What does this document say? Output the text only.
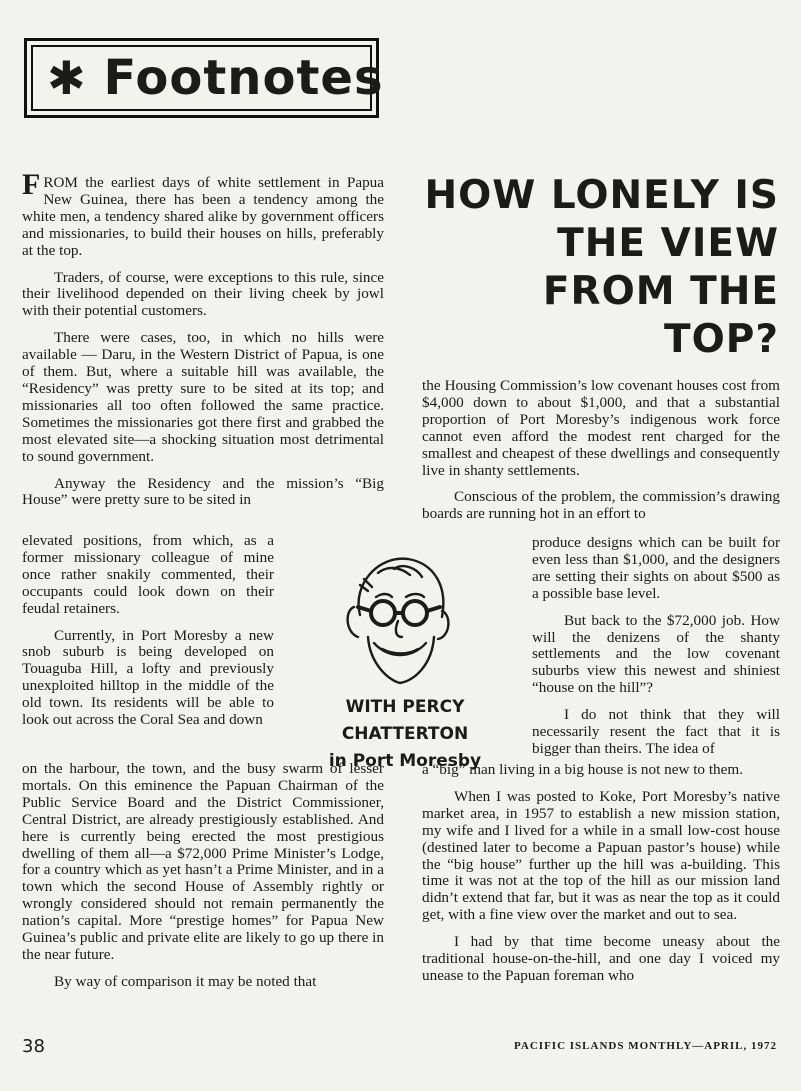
✱ Footnotes
HOW LONELY IS
THE VIEW
FROM THE TOP?

FROM the earliest days of white settlement in Papua New Guinea, there has been a tendency among the white men, a tendency shared alike by government officers and missionaries, to build their houses on hills, preferably at the top.

Traders, of course, were exceptions to this rule, since their livelihood depended on their living cheek by jowl with their potential customers.

There were cases, too, in which no hills were available — Daru, in the Western District of Papua, is one of them. But, where a suitable hill was available, the “Residency” was pretty sure to be sited at its top; and missionaries all too often followed the same practice. Sometimes the missionaries got there first and grabbed the most elevated site—a shocking situation most detrimental to sound government.

Anyway the Residency and the mission’s “Big House” were pretty sure to be sited in

elevated positions, from which, as a former missionary colleague of mine once rather snakily commented, their occupants could look down on their feudal retainers.

Currently, in Port Moresby a new snob suburb is being developed on Touaguba Hill, a lofty and previously unexploited hilltop in the middle of the old town. Its residents will be able to look out across the Coral Sea and down

on the harbour, the town, and the busy swarm of lesser mortals. On this eminence the Papuan Chairman of the Public Service Board and the District Commissioner, Central District, are already prestigiously established. And here is currently being erected the most prestigious dwelling of them all—a $72,000 Prime Minister’s Lodge, for a country which as yet hasn’t a Prime Minister, and in a town which the second House of Assembly rightly or wrongly considered should not remain permanently the nation’s capital. More “prestige homes” for Papua New Guinea’s public and private elite are likely to go up there in the near future.

By way of comparison it may be noted that

WITH PERCY CHATTERTON
in Port Moresby

the Housing Commission’s low covenant houses cost from $4,000 down to about $1,000, and that a substantial proportion of Port Moresby’s indigenous work force cannot even afford the modest rent charged for the smallest and cheapest of these dwellings and consequently live in shanty settlements.

Conscious of the problem, the commission’s drawing boards are running hot in an effort to

produce designs which can be built for even less than $1,000, and the designers are setting their sights on about $500 as a possible base level.

But back to the $72,000 job. How will the denizens of the shanty settlements and the low covenant suburbs view this newest and shiniest “house on the hill”?

I do not think that they will necessarily resent the fact that it is bigger than theirs. The idea of

a “big” man living in a big house is not new to them.

When I was posted to Koke, Port Moresby’s native market area, in 1957 to establish a new mission station, my wife and I lived for a while in a small low-cost house (destined later to become a Papuan pastor’s house) while the “big house” further up the hill was a-building. This time it was not at the top of the hill as our mission land didn’t extend that far, but it was as near the top as it could get, with a fine view over the market and out to sea.

I had by that time become uneasy about the traditional house-on-the-hill, and one day I voiced my unease to the Papuan foreman who

38	PACIFIC ISLANDS MONTHLY—APRIL, 1972
